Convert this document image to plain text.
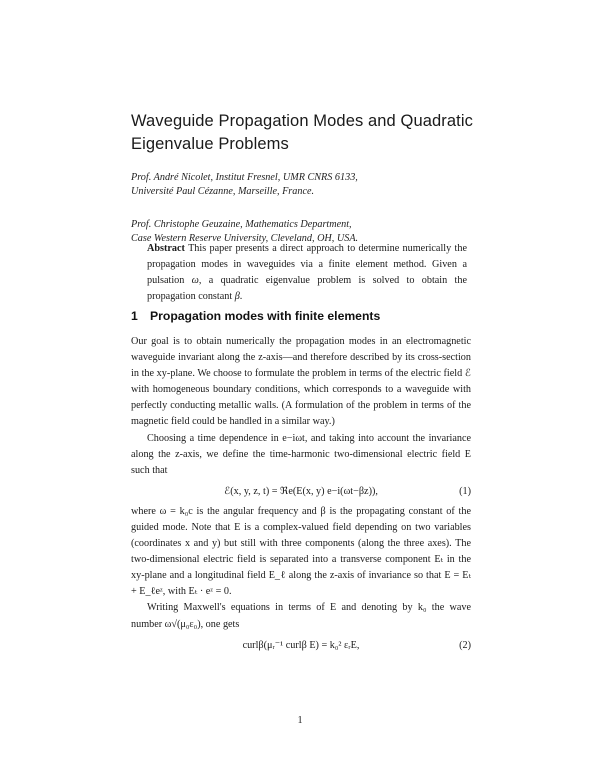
Waveguide Propagation Modes and Quadratic
Eigenvalue Problems

Prof. André Nicolet, Institut Fresnel, UMR CNRS 6133,

Université Paul Cézanne, Marseille, France.

Prof. Christophe Geuzaine, Mathematics Department,

Case Western Reserve University, Cleveland, OH, USA.

Abstract This paper presents a direct approach to determine numerically the propagation modes in waveguides via a finite element method. Given a pulsation ω, a quadratic eigenvalue problem is solved to obtain the propagation constant β.
1 Propagation modes with finite elements

Our goal is to obtain numerically the propagation modes in an electromagnetic waveguide invariant along the z-axis—and therefore described by its cross-section in the xy-plane. We choose to formulate the problem in terms of the electric field ℰ with homogeneous boundary conditions, which corresponds to a waveguide with perfectly conducting metallic walls. (A formulation of the problem in terms of the magnetic field could be handled in a similar way.)

Choosing a time dependence in e−iωt, and taking into account the invariance along the z-axis, we define the time-harmonic two-dimensional electric field E such that

ℰ(x, y, z, t) = ℜe(E(x, y) e−i(ωt−βz)),	(1)

where ω = k₀c is the angular frequency and β is the propagating constant of the guided mode. Note that E is a complex-valued field depending on two variables (coordinates x and y) but still with three components (along the three axes). The two-dimensional electric field is separated into a transverse component Eₜ in the xy-plane and a longitudinal field E_ℓ along the z-axis of invariance so that E = Eₜ + E_ℓeᶻ, with Eₜ · eᶻ = 0.

Writing Maxwell's equations in terms of E and denoting by k₀ the wave number ω√(μ₀ε₀), one gets

curlβ(μᵣ⁻¹ curlβ E) = k₀² εᵣE,	(2)
1
